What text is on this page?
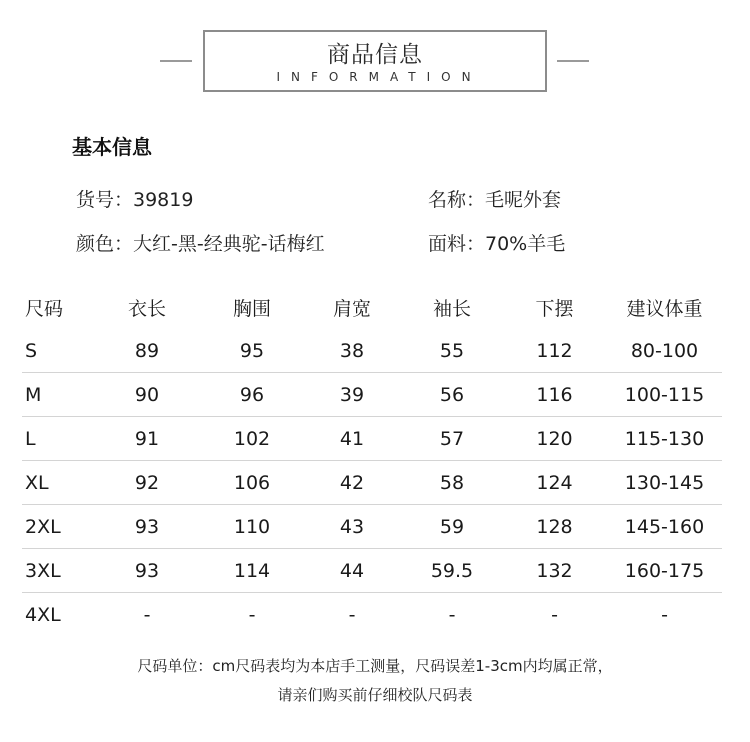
商品信息
INFORMATION
基本信息
货号：39819	名称：毛呢外套
颜色：大红-黑-经典驼-话梅红	面料：70%羊毛
尺码	衣长	胸围	肩宽	袖长	下摆	建议体重
S	89	95	38	55	112	80-100
M	90	96	39	56	116	100-115
L	91	102	41	57	120	115-130
XL	92	106	42	58	124	130-145
2XL	93	110	43	59	128	145-160
3XL	93	114	44	59.5	132	160-175
4XL	-	-	-	-	-	-
尺码单位：cm尺码表均为本店手工测量，尺码误差1-3cm内均属正常，
请亲们购买前仔细校队尺码表
